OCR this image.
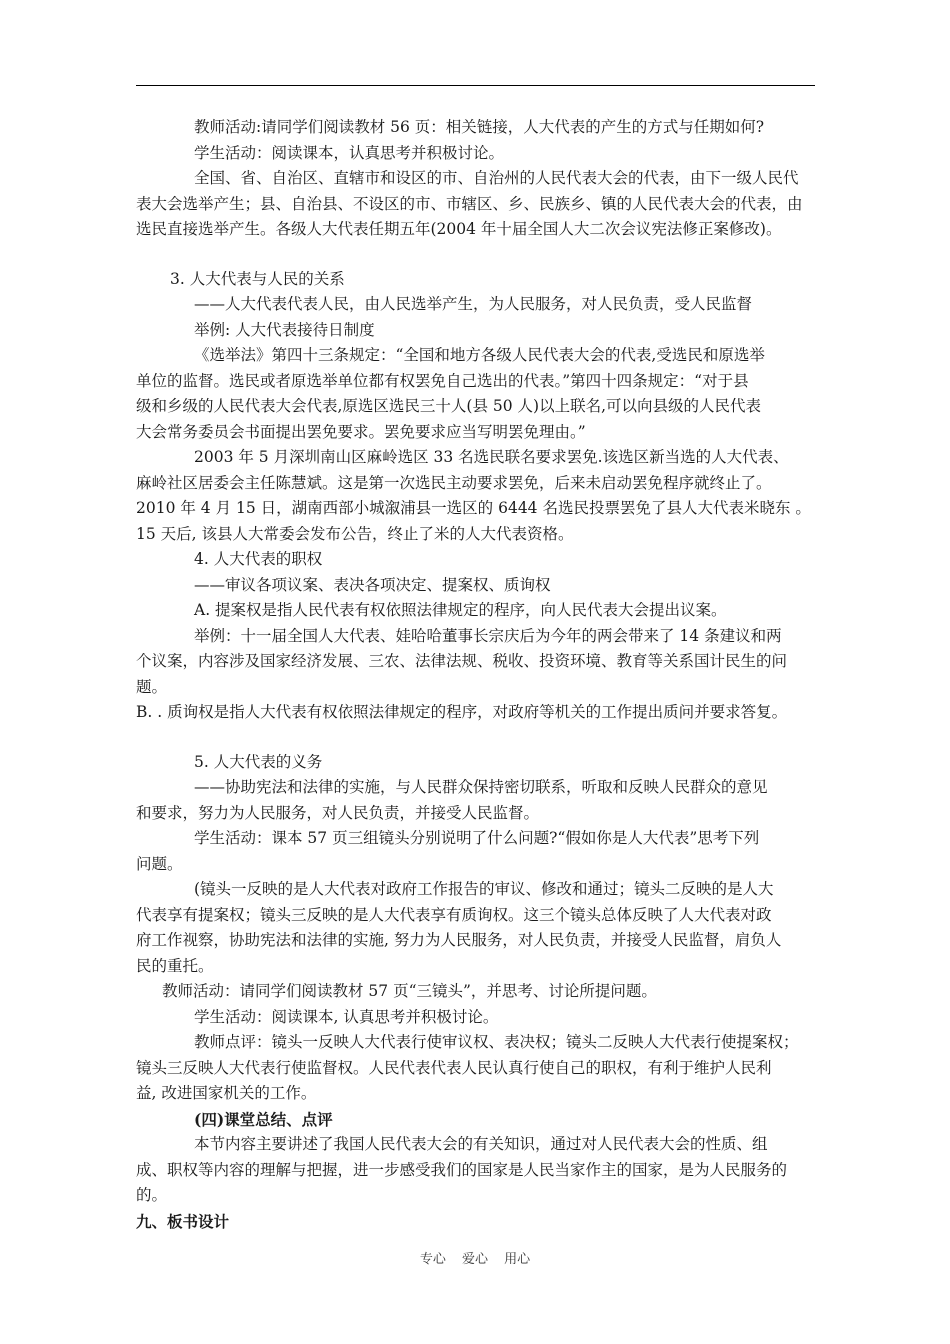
教师活动:请同学们阅读教材 56 页：相关链接，人大代表的产生的方式与任期如何?

学生活动：阅读课本，认真思考并积极讨论。

全国、省、自治区、直辖市和设区的市、自治州的人民代表大会的代表，由下一级人民代

表大会选举产生；县、自治县、不设区的市、市辖区、乡、民族乡、镇的人民代表大会的代表，由

选民直接选举产生。各级人大代表任期五年(2004 年十届全国人大二次会议宪法修正案修改)。

3. 人大代表与人民的关系

——人大代表代表人民，由人民选举产生，为人民服务，对人民负责，受人民监督

举例: 人大代表接待日制度

《选举法》第四十三条规定：“全国和地方各级人民代表大会的代表,受选民和原选举

单位的监督。选民或者原选举单位都有权罢免自己选出的代表。”第四十四条规定：“对于县

级和乡级的人民代表大会代表,原选区选民三十人(县 50 人)以上联名,可以向县级的人民代表

大会常务委员会书面提出罢免要求。罢免要求应当写明罢免理由。”

2003 年 5 月深圳南山区麻岭选区 33 名选民联名要求罢免.该选区新当选的人大代表、

麻岭社区居委会主任陈慧斌。这是第一次选民主动要求罢免，后来未启动罢免程序就终止了。

2010 年 4 月 15 日，湖南西部小城溆浦县一选区的 6444 名选民投票罢免了县人大代表米晓东 。

15 天后, 该县人大常委会发布公告，终止了米的人大代表资格。

4. 人大代表的职权

——审议各项议案、表决各项决定、提案权、质询权

A. 提案权是指人民代表有权依照法律规定的程序，向人民代表大会提出议案。

举例：十一届全国人大代表、娃哈哈董事长宗庆后为今年的两会带来了 14 条建议和两

个议案，内容涉及国家经济发展、三农、法律法规、税收、投资环境、教育等关系国计民生的问

题。

B. . 质询权是指人大代表有权依照法律规定的程序，对政府等机关的工作提出质问并要求答复。

5. 人大代表的义务

——协助宪法和法律的实施，与人民群众保持密切联系，听取和反映人民群众的意见

和要求，努力为人民服务，对人民负责，并接受人民监督。

学生活动：课本 57 页三组镜头分别说明了什么问题?“假如你是人大代表”思考下列

问题。

(镜头一反映的是人大代表对政府工作报告的审议、修改和通过；镜头二反映的是人大

代表享有提案权；镜头三反映的是人大代表享有质询权。这三个镜头总体反映了人大代表对政

府工作视察，协助宪法和法律的实施, 努力为人民服务，对人民负责，并接受人民监督，肩负人

民的重托。

教师活动：请同学们阅读教材 57 页“三镜头”，并思考、讨论所提问题。

学生活动：阅读课本, 认真思考并积极讨论。

教师点评：镜头一反映人大代表行使审议权、表决权；镜头二反映人大代表行使提案权；

镜头三反映人大代表行使监督权。人民代表代表人民认真行使自己的职权，有利于维护人民利

益, 改进国家机关的工作。

(四)课堂总结、点评

本节内容主要讲述了我国人民代表大会的有关知识，通过对人民代表大会的性质、组

成、职权等内容的理解与把握，进一步感受我们的国家是人民当家作主的国家，是为人民服务的

的。

九、板书设计

专心 爱心 用心
